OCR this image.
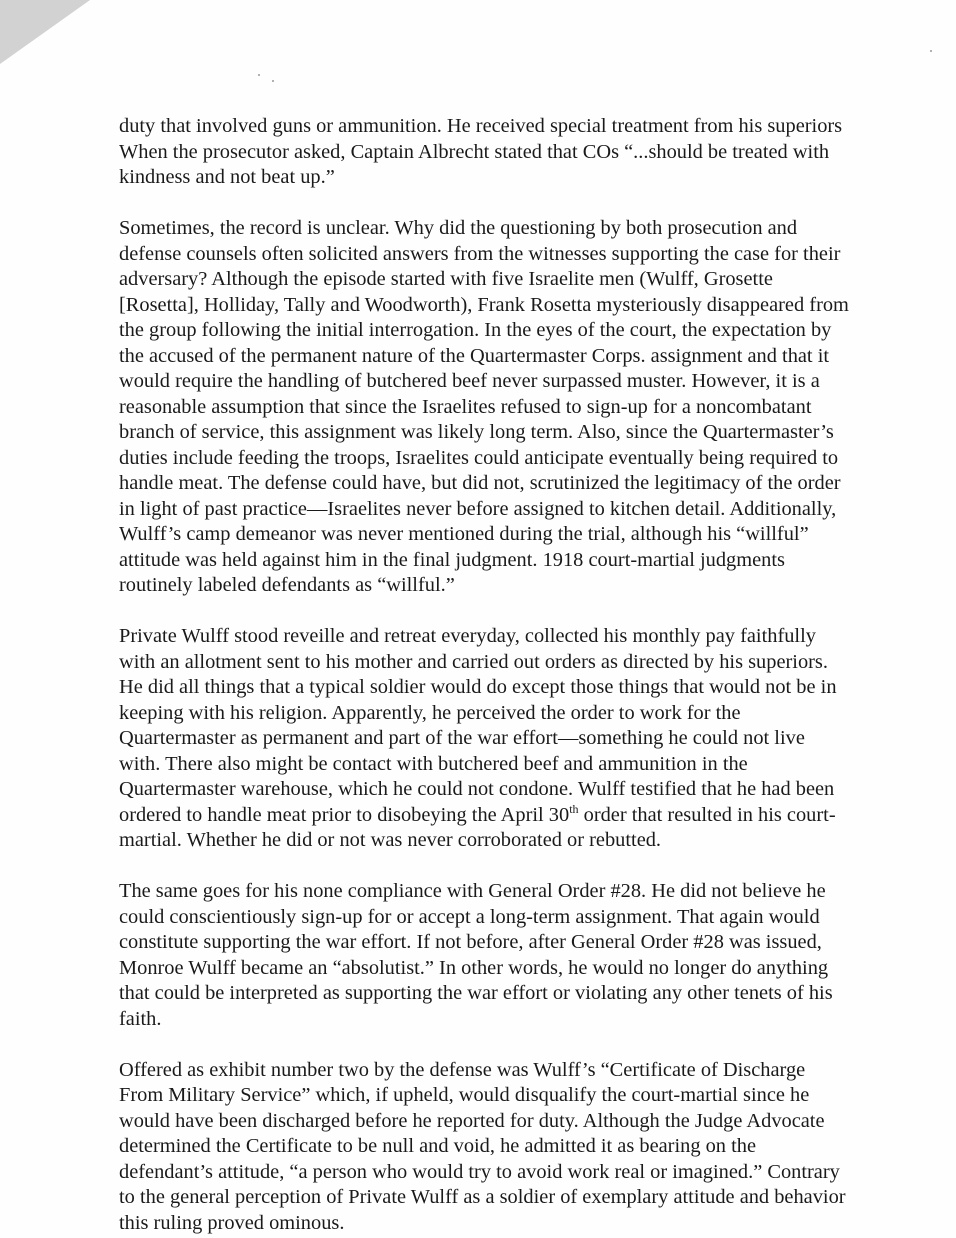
duty that involved guns or ammunition. He received special treatment from his superiors
When the prosecutor asked, Captain Albrecht stated that COs “...should be treated with
kindness and not beat up.”

Sometimes, the record is unclear. Why did the questioning by both prosecution and
defense counsels often solicited answers from the witnesses supporting the case for their
adversary? Although the episode started with five Israelite men (Wulff, Grosette
[Rosetta], Holliday, Tally and Woodworth), Frank Rosetta mysteriously disappeared from
the group following the initial interrogation. In the eyes of the court, the expectation by
the accused of the permanent nature of the Quartermaster Corps. assignment and that it
would require the handling of butchered beef never surpassed muster. However, it is a
reasonable assumption that since the Israelites refused to sign-up for a noncombatant
branch of service, this assignment was likely long term. Also, since the Quartermaster’s
duties include feeding the troops, Israelites could anticipate eventually being required to
handle meat. The defense could have, but did not, scrutinized the legitimacy of the order
in light of past practice—Israelites never before assigned to kitchen detail. Additionally,
Wulff’s camp demeanor was never mentioned during the trial, although his “willful”
attitude was held against him in the final judgment. 1918 court-martial judgments
routinely labeled defendants as “willful.”

Private Wulff stood reveille and retreat everyday, collected his monthly pay faithfully
with an allotment sent to his mother and carried out orders as directed by his superiors.
He did all things that a typical soldier would do except those things that would not be in
keeping with his religion. Apparently, he perceived the order to work for the
Quartermaster as permanent and part of the war effort—something he could not live
with. There also might be contact with butchered beef and ammunition in the
Quartermaster warehouse, which he could not condone. Wulff testified that he had been
ordered to handle meat prior to disobeying the April 30th order that resulted in his court-
martial. Whether he did or not was never corroborated or rebutted.

The same goes for his none compliance with General Order #28. He did not believe he
could conscientiously sign-up for or accept a long-term assignment. That again would
constitute supporting the war effort. If not before, after General Order #28 was issued,
Monroe Wulff became an “absolutist.” In other words, he would no longer do anything
that could be interpreted as supporting the war effort or violating any other tenets of his
faith.

Offered as exhibit number two by the defense was Wulff’s “Certificate of Discharge
From Military Service” which, if upheld, would disqualify the court-martial since he
would have been discharged before he reported for duty. Although the Judge Advocate
determined the Certificate to be null and void, he admitted it as bearing on the
defendant’s attitude, “a person who would try to avoid work real or imagined.” Contrary
to the general perception of Private Wulff as a soldier of exemplary attitude and behavior
this ruling proved ominous.
